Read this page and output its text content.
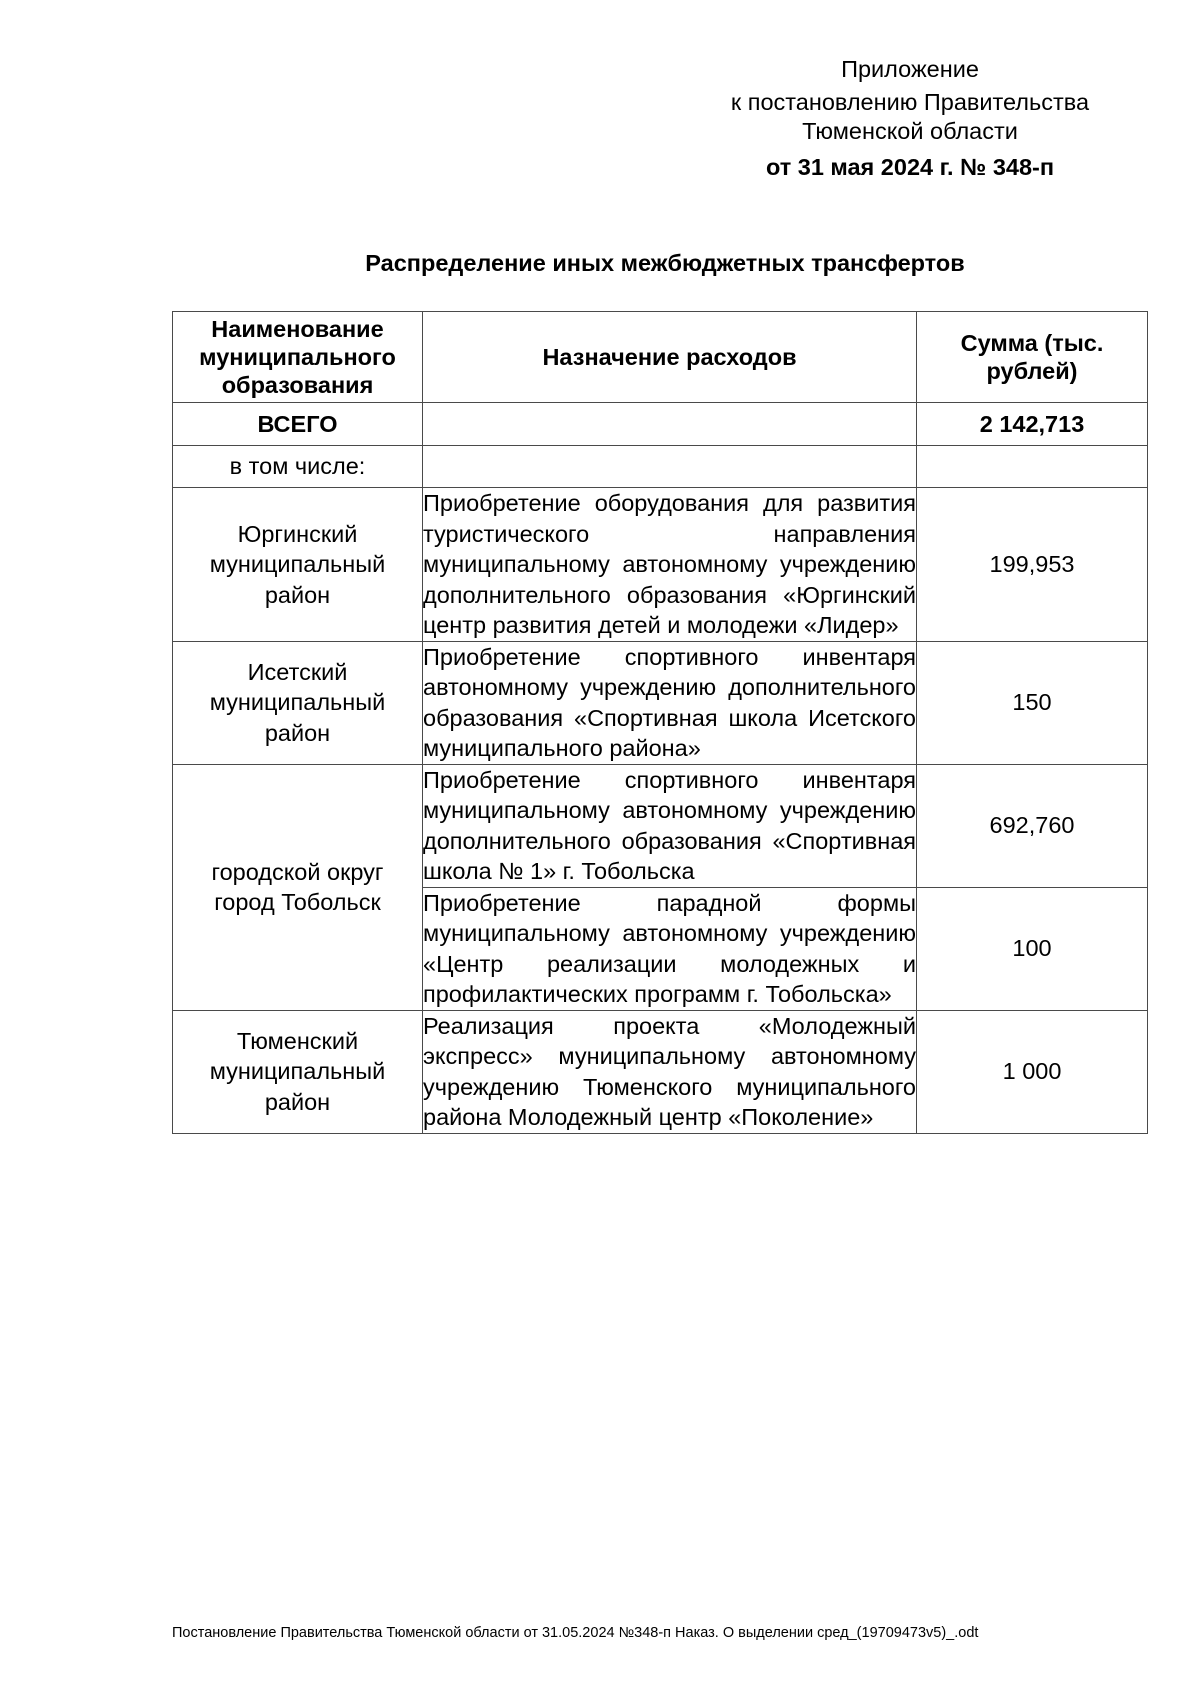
Приложение
к постановлению Правительства
Тюменской области
от 31 мая 2024 г. № 348-п
Распределение иных межбюджетных трансфертов
Наименование муниципального образования	Назначение расходов	Сумма (тыс. рублей)

ВСЕГО		2 142,713
в том числе:		

Юргинский муниципальный район	Приобретение оборудования для развития туристического направления муниципальному автономному учреждению дополнительного образования «Юргинский центр развития детей и молодежи «Лидер»	199,953

Исетский муниципальный район	Приобретение спортивного инвентаря автономному учреждению дополнительного образования «Спортивная школа Исетского муниципального района»	150

городской округ город Тобольск	Приобретение спортивного инвентаря муниципальному автономному учреждению дополнительного образования «Спортивная школа № 1» г. Тобольска	692,760
	Приобретение парадной формы муниципальному автономному учреждению «Центр реализации молодежных и профилактических программ г. Тобольска»	100

Тюменский муниципальный район	Реализация проекта «Молодежный экспресс» муниципальному автономному учреждению Тюменского муниципального района Молодежный центр «Поколение»	1 000
Постановление Правительства Тюменской области от 31.05.2024 №348-п Наказ. О выделении сред_(19709473v5)_.odt
